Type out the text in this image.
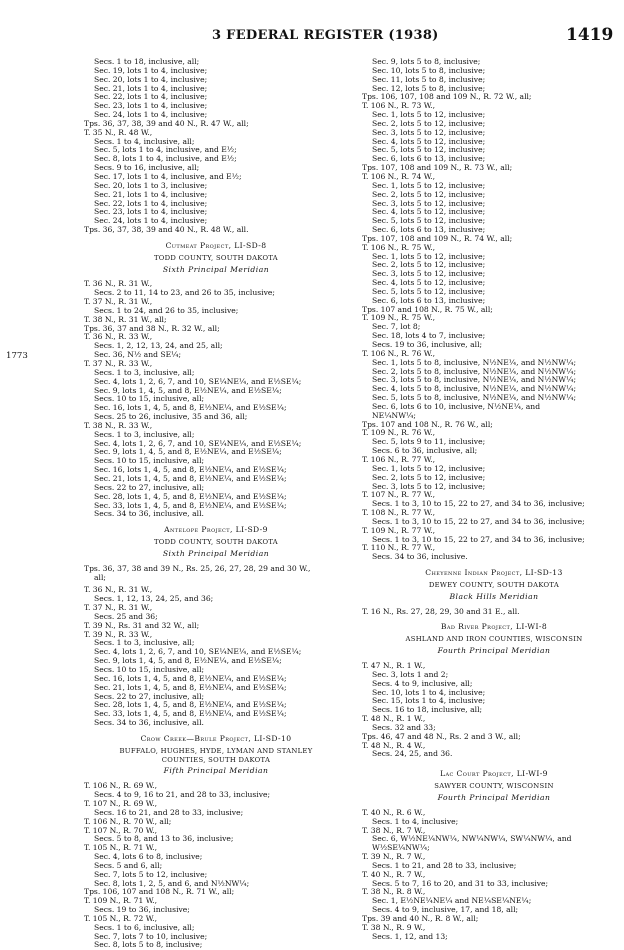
3 FEDERAL REGISTER (1938)	1419
1773
Secs. 1 to 18, inclusive, all;
Sec. 19, lots 1 to 4, inclusive;
Sec. 20, lots 1 to 4, inclusive;
Sec. 21, lots 1 to 4, inclusive;
Sec. 22, lots 1 to 4, inclusive;
Sec. 23, lots 1 to 4, inclusive;
Sec. 24, lots 1 to 4, inclusive;
Tps. 36, 37, 38, 39 and 40 N., R. 47 W., all;
T. 35 N., R. 48 W.,
Secs. 1 to 4, inclusive, all;
Sec. 5, lots 1 to 4, inclusive, and E½;
Sec. 8, lots 1 to 4, inclusive, and E½;
Secs. 9 to 16, inclusive, all;
Sec. 17, lots 1 to 4, inclusive, and E½;
Sec. 20, lots 1 to 3, inclusive;
Sec. 21, lots 1 to 4, inclusive;
Sec. 22, lots 1 to 4, inclusive;
Sec. 23, lots 1 to 4, inclusive;
Sec. 24, lots 1 to 4, inclusive;
Tps. 36, 37, 38, 39 and 40 N., R. 48 W., all.
Cutmeat Project, LI-SD-8
TODD COUNTY, SOUTH DAKOTA
Sixth Principal Meridian
T. 36 N., R. 31 W.,
Secs. 2 to 11, 14 to 23, and 26 to 35, inclusive;
T. 37 N., R. 31 W.,
Secs. 1 to 24, and 26 to 35, inclusive;
T. 38 N., R. 31 W., all;
Tps. 36, 37 and 38 N., R. 32 W., all;
T. 36 N., R. 33 W.,
Secs. 1, 2, 12, 13, 24, and 25, all;
Sec. 36, N½ and SE¼;
T. 37 N., R. 33 W.,
Secs. 1 to 3, inclusive, all;
Sec. 4, lots 1, 2, 6, 7, and 10, SE¼NE¼, and E½SE¼;
Sec. 9, lots 1, 4, 5, and 8, E½NE¼, and E½SE¼;
Secs. 10 to 15, inclusive, all;
Sec. 16, lots 1, 4, 5, and 8, E½NE¼, and E½SE¼;
Secs. 25 to 26, inclusive, 35 and 36, all;
T. 38 N., R. 33 W.,
Secs. 1 to 3, inclusive, all;
Sec. 4, lots 1, 2, 6, 7, and 10, SE¼NE¼, and E½SE¼;
Sec. 9, lots 1, 4, 5, and 8, E½NE¼, and E½SE¼;
Secs. 10 to 15, inclusive, all;
Sec. 16, lots 1, 4, 5, and 8, E½NE¼, and E½SE¼;
Sec. 21, lots 1, 4, 5, and 8, E½NE¼, and E½SE¼;
Secs. 22 to 27, inclusive, all;
Sec. 28, lots 1, 4, 5, and 8, E½NE¼, and E½SE¼;
Sec. 33, lots 1, 4, 5, and 8, E½NE¼, and E½SE¼;
Secs. 34 to 36, inclusive, all.
Antelope Project, LI-SD-9
TODD COUNTY, SOUTH DAKOTA
Sixth Principal Meridian
Tps. 36, 37, 38 and 39 N., Rs. 25, 26, 27, 28, 29 and 30 W.,
all;
T. 36 N., R. 31 W.,
Secs. 1, 12, 13, 24, 25, and 36;
T. 37 N., R. 31 W.,
Secs. 25 and 36;
T. 39 N., Rs. 31 and 32 W., all;
T. 39 N., R. 33 W.,
Secs. 1 to 3, inclusive, all;
Sec. 4, lots 1, 2, 6, 7, and 10, SE¼NE¼, and E½SE¼;
Sec. 9, lots 1, 4, 5, and 8, E½NE¼, and E½SE¼;
Secs. 10 to 15, inclusive, all;
Sec. 16, lots 1, 4, 5, and 8, E½NE¼, and E½SE¼;
Sec. 21, lots 1, 4, 5, and 8, E½NE¼, and E½SE¼;
Secs. 22 to 27, inclusive, all;
Sec. 28, lots 1, 4, 5, and 8, E½NE¼, and E½SE¼;
Sec. 33, lots 1, 4, 5, and 8, E½NE¼, and E½SE¼;
Secs. 34 to 36, inclusive, all.
Crow Creek—Brule Project, LI-SD-10
BUFFALO, HUGHES, HYDE, LYMAN AND STANLEY
COUNTIES, SOUTH DAKOTA
Fifth Principal Meridian
T. 106 N., R. 69 W.,
Secs. 4 to 9, 16 to 21, and 28 to 33, inclusive;
T. 107 N., R. 69 W.,
Secs. 16 to 21, and 28 to 33, inclusive;
T. 106 N., R. 70 W., all;
T. 107 N., R. 70 W.,
Secs. 5 to 8, and 13 to 36, inclusive;
T. 105 N., R. 71 W.,
Sec. 4, lots 6 to 8, inclusive;
Secs. 5 and 6, all;
Sec. 7, lots 5 to 12, inclusive;
Sec. 8, lots 1, 2, 5, and 6, and N½NW¼;
Tps. 106, 107 and 108 N., R. 71 W., all;
T. 109 N., R. 71 W.,
Secs. 19 to 36, inclusive;
T. 105 N., R. 72 W.,
Secs. 1 to 6, inclusive, all;
Sec. 7, lots 7 to 10, inclusive;
Sec. 8, lots 5 to 8, inclusive;
Sec. 9, lots 5 to 8, inclusive;
Sec. 10, lots 5 to 8, inclusive;
Sec. 11, lots 5 to 8, inclusive;
Sec. 12, lots 5 to 8, inclusive;
Tps. 106, 107, 108 and 109 N., R. 72 W., all;
T. 106 N., R. 73 W.,
Sec. 1, lots 5 to 12, inclusive;
Sec. 2, lots 5 to 12, inclusive;
Sec. 3, lots 5 to 12, inclusive;
Sec. 4, lots 5 to 12, inclusive;
Sec. 5, lots 5 to 12, inclusive;
Sec. 6, lots 6 to 13, inclusive;
Tps. 107, 108 and 109 N., R. 73 W., all;
T. 106 N., R. 74 W.,
Sec. 1, lots 5 to 12, inclusive;
Sec. 2, lots 5 to 12, inclusive;
Sec. 3, lots 5 to 12, inclusive;
Sec. 4, lots 5 to 12, inclusive;
Sec. 5, lots 5 to 12, inclusive;
Sec. 6, lots 6 to 13, inclusive;
Tps. 107, 108 and 109 N., R. 74 W., all;
T. 106 N., R. 75 W.,
Sec. 1, lots 5 to 12, inclusive;
Sec. 2, lots 5 to 12, inclusive;
Sec. 3, lots 5 to 12, inclusive;
Sec. 4, lots 5 to 12, inclusive;
Sec. 5, lots 5 to 12, inclusive;
Sec. 6, lots 6 to 13, inclusive;
Tps. 107 and 108 N., R. 75 W., all;
T. 109 N., R. 75 W.,
Sec. 7, lot 8;
Sec. 18, lots 4 to 7, inclusive;
Secs. 19 to 36, inclusive, all;
T. 106 N., R. 76 W.,
Sec. 1, lots 5 to 8, inclusive, N½NE¼, and N½NW¼;
Sec. 2, lots 5 to 8, inclusive, N½NE¼, and N½NW¼;
Sec. 3, lots 5 to 8, inclusive, N½NE¼, and N½NW¼;
Sec. 4, lots 5 to 8, inclusive, N½NE¼, and N½NW¼;
Sec. 5, lots 5 to 8, inclusive, N½NE¼, and N½NW¼;
Sec. 6, lots 6 to 10, inclusive, N½NE¼, and
NE¼NW¼;
Tps. 107 and 108 N., R. 76 W., all;
T. 109 N., R. 76 W.,
Sec. 5, lots 9 to 11, inclusive;
Secs. 6 to 36, inclusive, all;
T. 106 N., R. 77 W.,
Sec. 1, lots 5 to 12, inclusive;
Sec. 2, lots 5 to 12, inclusive;
Sec. 3, lots 5 to 12, inclusive;
T. 107 N., R. 77 W.,
Secs. 1 to 3, 10 to 15, 22 to 27, and 34 to 36, inclusive;
T. 108 N., R. 77 W.,
Secs. 1 to 3, 10 to 15, 22 to 27, and 34 to 36, inclusive;
T. 109 N., R. 77 W.,
Secs. 1 to 3, 10 to 15, 22 to 27, and 34 to 36, inclusive;
T. 110 N., R. 77 W.,
Secs. 34 to 36, inclusive.
Cheyenne Indian Project, LI-SD-13
DEWEY COUNTY, SOUTH DAKOTA
Black Hills Meridian
T. 16 N., Rs. 27, 28, 29, 30 and 31 E., all.
Bad River Project, LI-WI-8
ASHLAND AND IRON COUNTIES, WISCONSIN
Fourth Principal Meridian
T. 47 N., R. 1 W.,
Sec. 3, lots 1 and 2;
Secs. 4 to 9, inclusive, all;
Sec. 10, lots 1 to 4, inclusive;
Sec. 15, lots 1 to 4, inclusive;
Secs. 16 to 18, inclusive, all;
T. 48 N., R. 1 W.,
Secs. 32 and 33;
Tps. 46, 47 and 48 N., Rs. 2 and 3 W., all;
T. 48 N., R. 4 W.,
Secs. 24, 25, and 36.
Lac Court Project, LI-WI-9
SAWYER COUNTY, WISCONSIN
Fourth Principal Meridian
T. 40 N., R. 6 W.,
Secs. 1 to 4, inclusive;
T. 38 N., R. 7 W.,
Sec. 6, W½NE¼NW¼, NW¼NW¼, SW¼NW¼, and
W½SE¼NW¼;
T. 39 N., R. 7 W.,
Secs. 1 to 21, and 28 to 33, inclusive;
T. 40 N., R. 7 W.,
Secs. 5 to 7, 16 to 20, and 31 to 33, inclusive;
T. 38 N., R. 8 W.,
Sec. 1, E½NE¼NE¼ and NE¼SE¼NE¼;
Secs. 4 to 9, inclusive, 17, and 18, all;
Tps. 39 and 40 N., R. 8 W., all;
T. 38 N., R. 9 W.,
Secs. 1, 12, and 13;
